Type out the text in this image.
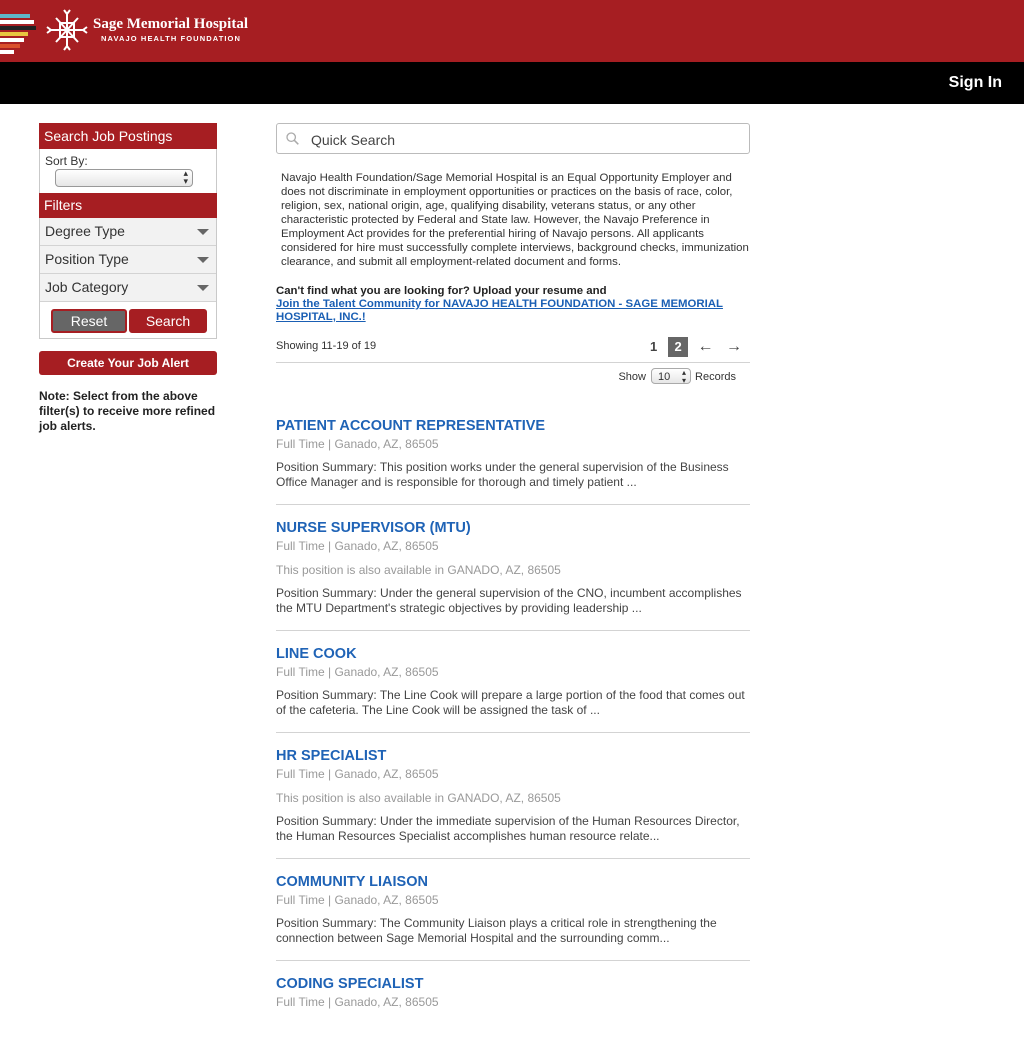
Sage Memorial Hospital
NAVAJO HEALTH FOUNDATION
Sign In
Search Job Postings
Sort By:
▴
▾
Filters
Degree Type
Position Type
Job Category
Reset	Search
Create Your Job Alert
Note: Select from the above filter(s) to receive more refined job alerts.
Quick Search
Navajo Health Foundation/Sage Memorial Hospital is an Equal Opportunity Employer and does not discriminate in employment opportunities or practices on the basis of race, color, religion, sex, national origin, age, qualifying disability, veterans status, or any other characteristic protected by Federal and State law. However, the Navajo Preference in Employment Act provides for the preferential hiring of Navajo persons. All applicants considered for hire must successfully complete interviews, background checks, immunization clearance, and submit all employment-related document and forms.
Can't find what you are looking for? Upload your resume and
Join the Talent Community for NAVAJO HEALTH FOUNDATION - SAGE MEMORIAL HOSPITAL, INC.!
Showing 11-19 of 19	1 2 ← →
Show	10 ▴
▾ Records
PATIENT ACCOUNT REPRESENTATIVE
Full Time | Ganado, AZ, 86505
Position Summary: This position works under the general supervision of the Business Office Manager and is responsible for thorough and timely patient ...
NURSE SUPERVISOR (MTU)
Full Time | Ganado, AZ, 86505
This position is also available in GANADO, AZ, 86505
Position Summary: Under the general supervision of the CNO, incumbent accomplishes the MTU Department's strategic objectives by providing leadership ...
LINE COOK
Full Time | Ganado, AZ, 86505
Position Summary: The Line Cook will prepare a large portion of the food that comes out of the cafeteria. The Line Cook will be assigned the task of ...
HR SPECIALIST
Full Time | Ganado, AZ, 86505
This position is also available in GANADO, AZ, 86505
Position Summary: Under the immediate supervision of the Human Resources Director, the Human Resources Specialist accomplishes human resource relate...
COMMUNITY LIAISON
Full Time | Ganado, AZ, 86505
Position Summary: The Community Liaison plays a critical role in strengthening the connection between Sage Memorial Hospital and the surrounding comm...
CODING SPECIALIST
Full Time | Ganado, AZ, 86505
